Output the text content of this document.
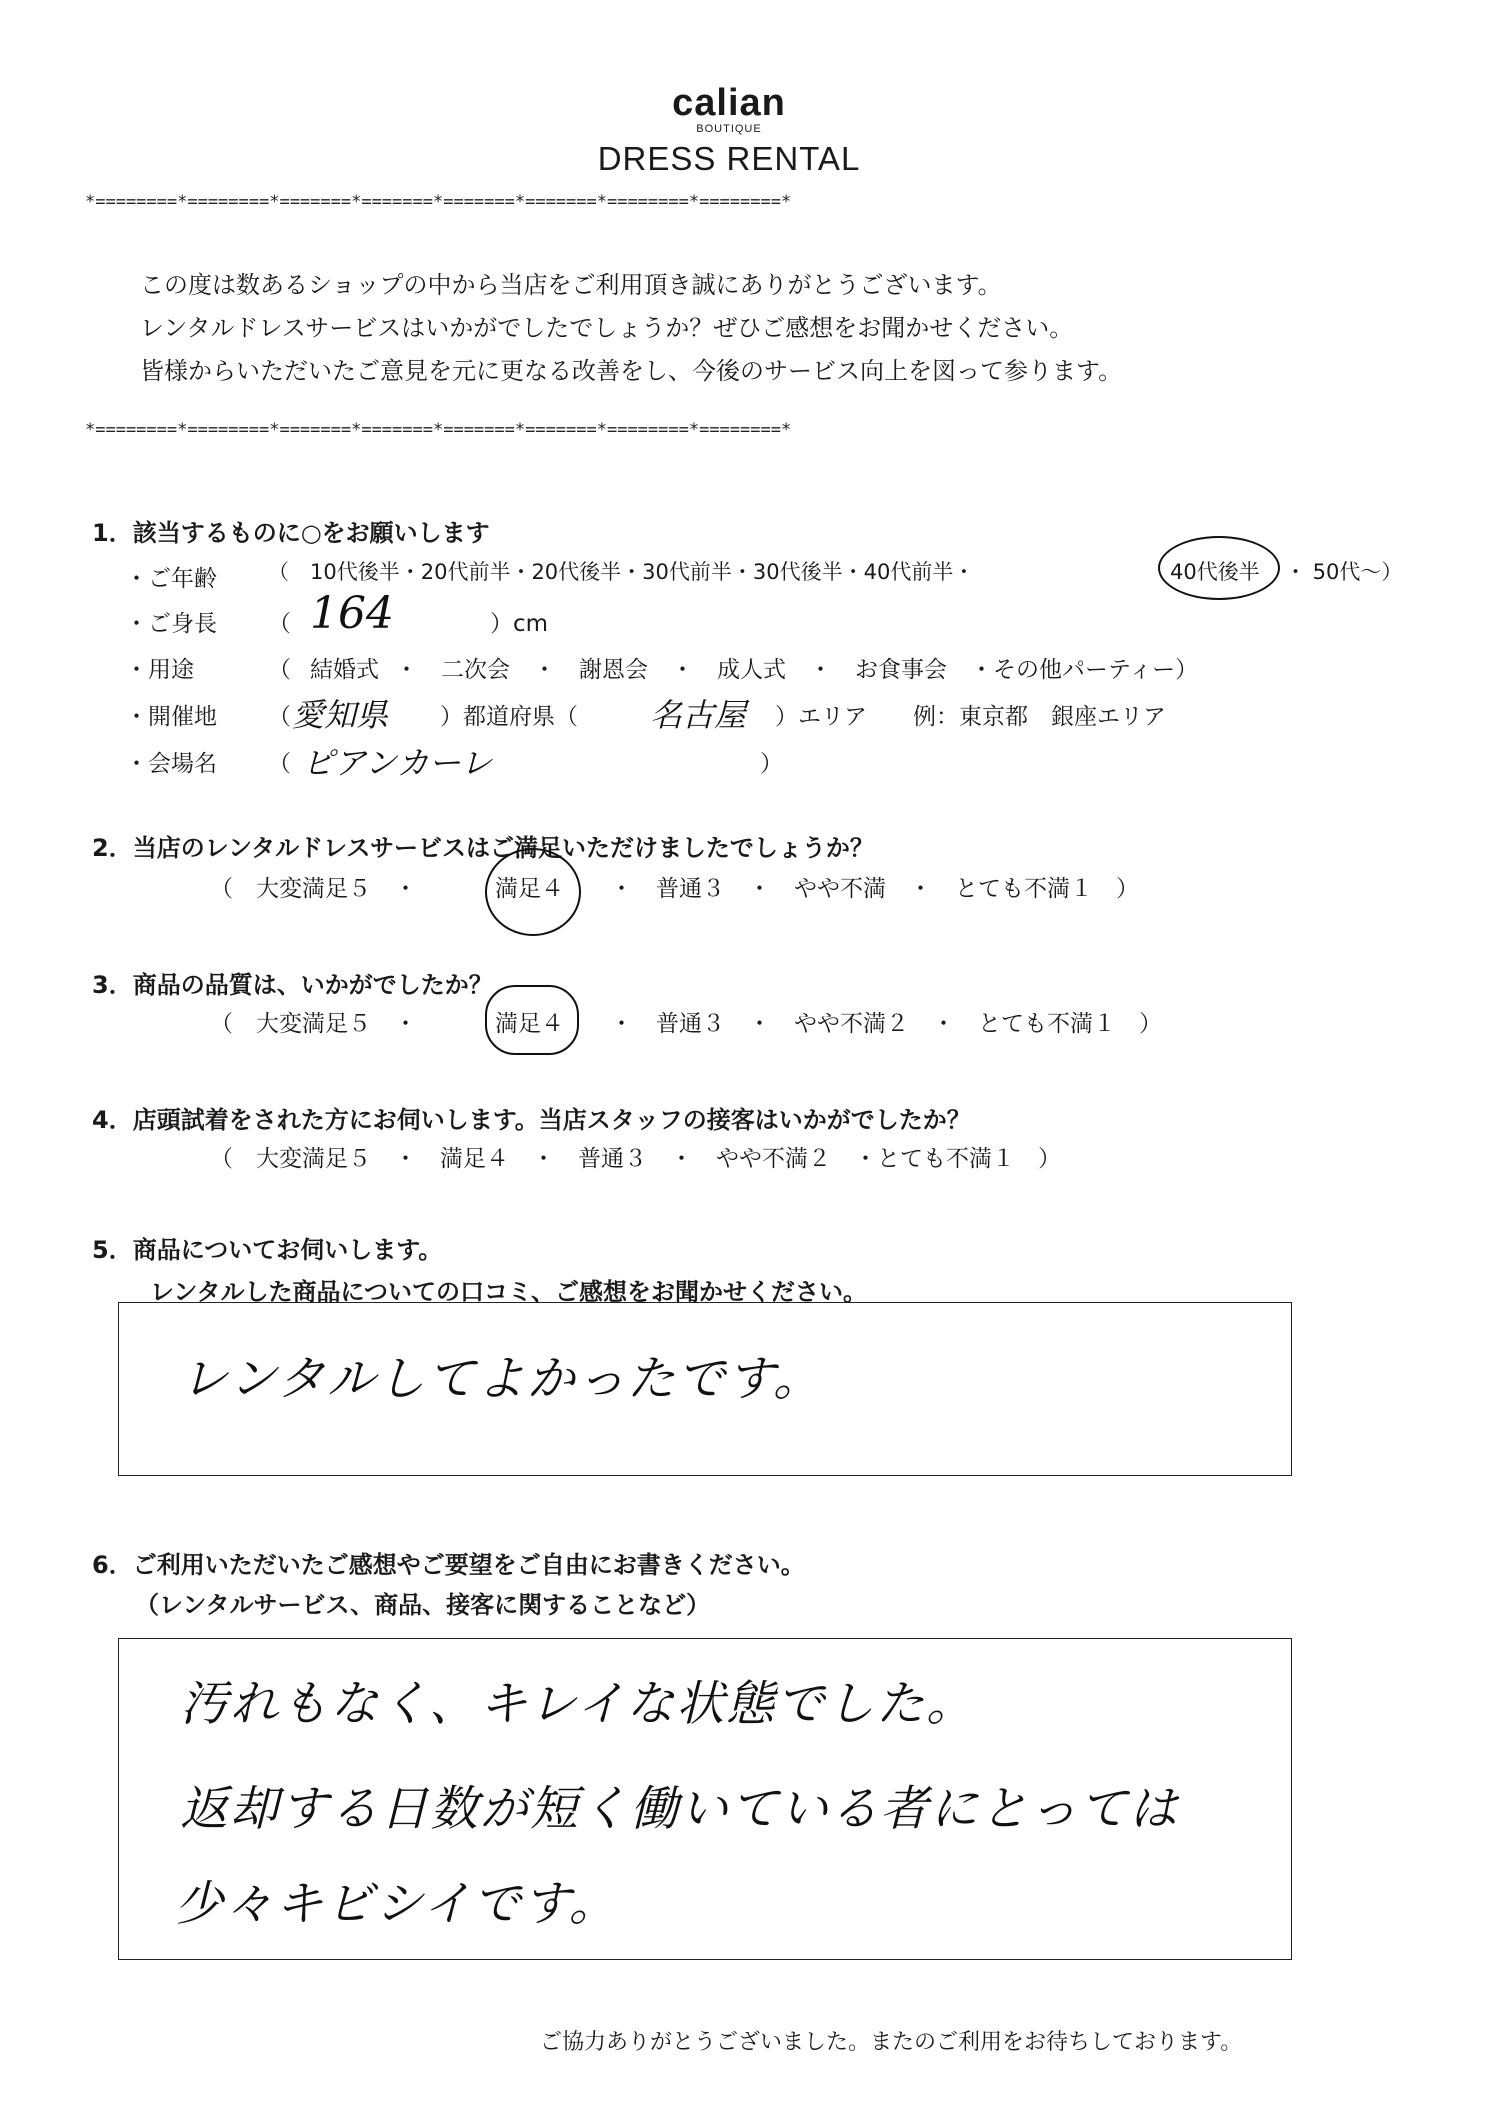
calian
BOUTIQUE
DRESS RENTAL
*========*========*=======*=======*=======*=======*========*========*
この度は数あるショップの中から当店をご利用頂き誠にありがとうございます。
レンタルドレスサービスはいかがでしたでしょうか？ぜひご感想をお聞かせください。
皆様からいただいたご意見を元に更なる改善をし、今後のサービス向上を図って参ります。
*========*========*=======*=======*=======*=======*========*========*
1．該当するものに○をお願いします
・ご年齢 （　10代後半・20代前半・20代後半・30代前半・30代後半・40代前半・	40代後半 ・ 50代～）
・ご身長 （ 164	）cm
・用途	（ 結婚式 ・　二次会　・　謝恩会　・　成人式　・　お食事会　・その他パーティー）
・開催地 （ 愛知県 ）都道府県（ 名古屋 ）エリア　　例：東京都　銀座エリア
・会場名 （ ピアンカーレ	）
2．当店のレンタルドレスサービスはご満足いただけましたでしょうか？
（　大変満足５　・	満足４ ・　普通３　・　やや不満　・　とても不満１　）
3．商品の品質は、いかがでしたか？
（　大変満足５　・	満足４ ・　普通３　・　やや不満２　・　とても不満１　）
4．店頭試着をされた方にお伺いします。当店スタッフの接客はいかがでしたか？
（　大変満足５　・　満足４　・　普通３　・　やや不満２　・とても不満１　）
5．商品についてお伺いします。
レンタルした商品についての口コミ、ご感想をお聞かせください。
レンタルしてよかったです。
6．ご利用いただいたご感想やご要望をご自由にお書きください。
（レンタルサービス、商品、接客に関することなど）
汚れもなく、キレイな状態でした。
返却する日数が短く働いている者にとっては
少々キビシイです。
ご協力ありがとうございました。またのご利用をお待ちしております。
